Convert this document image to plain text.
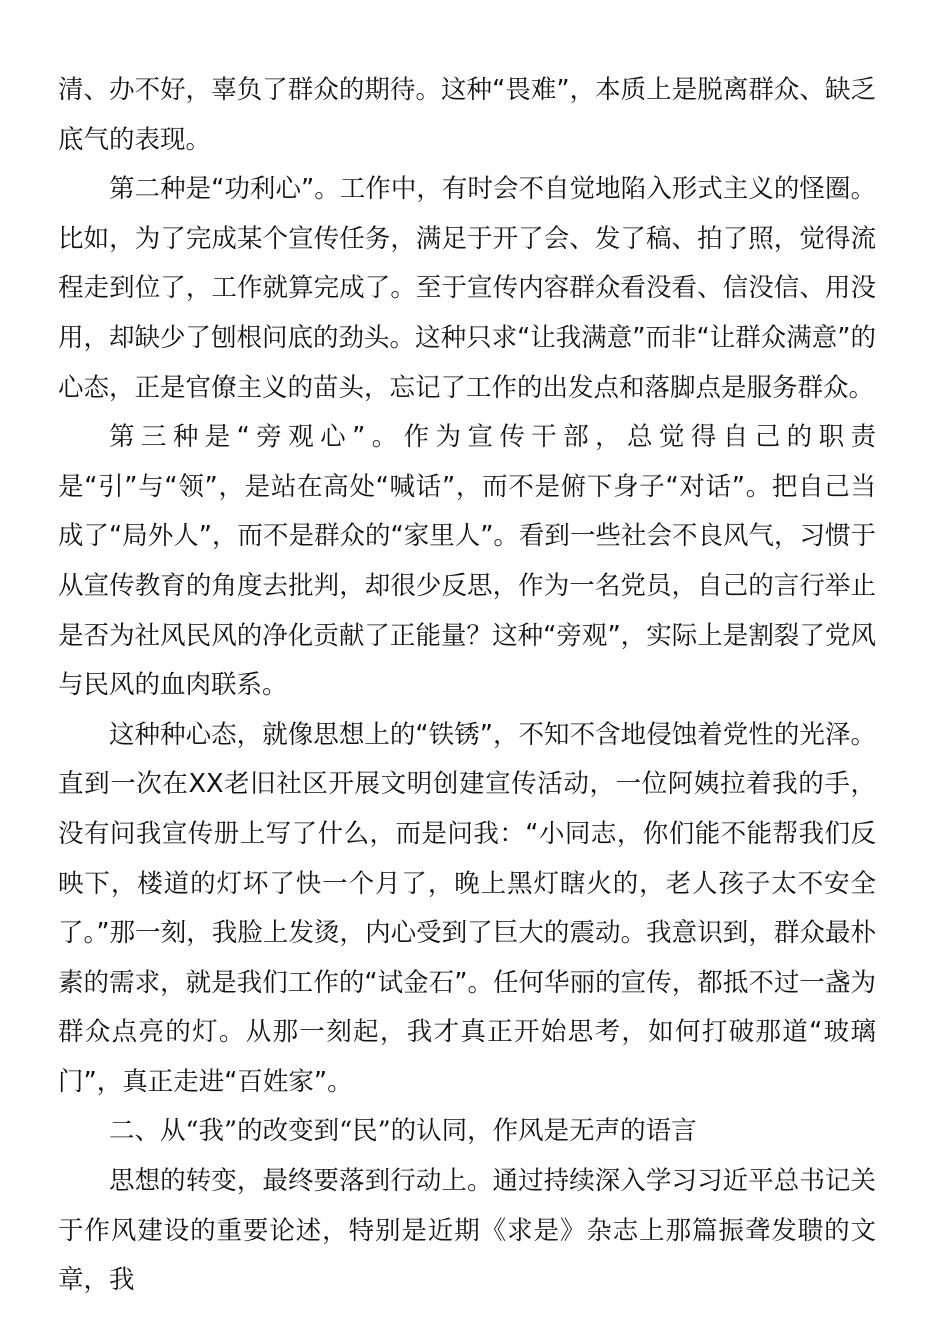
清、办不好，辜负了群众的期待。这种“畏难”，本质上是脱离群众、缺乏底气的表现。

第二种是“功利心”。工作中，有时会不自觉地陷入形式主义的怪圈。比如，为了完成某个宣传任务，满足于开了会、发了稿、拍了照，觉得流程走到位了，工作就算完成了。至于宣传内容群众看没看、信没信、用没用，却缺少了刨根问底的劲头。这种只求“让我满意”而非“让群众满意”的心态，正是官僚主义的苗头，忘记了工作的出发点和落脚点是服务群众。

第三种是“旁观心”。作为宣传干部，总觉得自己的职责是“引”与“领”，是站在高处“喊话”，而不是俯下身子“对话”。把自己当成了“局外人”，而不是群众的“家里人”。看到一些社会不良风气，习惯于从宣传教育的角度去批判，却很少反思，作为一名党员，自己的言行举止是否为社风民风的净化贡献了正能量？这种“旁观”，实际上是割裂了党风与民风的血肉联系。

这种种心态，就像思想上的“铁锈”，不知不含地侵蚀着党性的光泽。直到一次在XX老旧社区开展文明创建宣传活动，一位阿姨拉着我的手，没有问我宣传册上写了什么，而是问我：“小同志，你们能不能帮我们反映下，楼道的灯坏了快一个月了，晚上黑灯瞎火的，老人孩子太不安全了。”那一刻，我脸上发烫，内心受到了巨大的震动。我意识到，群众最朴素的需求，就是我们工作的“试金石”。任何华丽的宣传，都抵不过一盏为群众点亮的灯。从那一刻起，我才真正开始思考，如何打破那道“玻璃门”，真正走进“百姓家”。

二、从“我”的改变到“民”的认同，作风是无声的语言

思想的转变，最终要落到行动上。通过持续深入学习习近平总书记关于作风建设的重要论述，特别是近期《求是》杂志上那篇振聋发聩的文章，我
